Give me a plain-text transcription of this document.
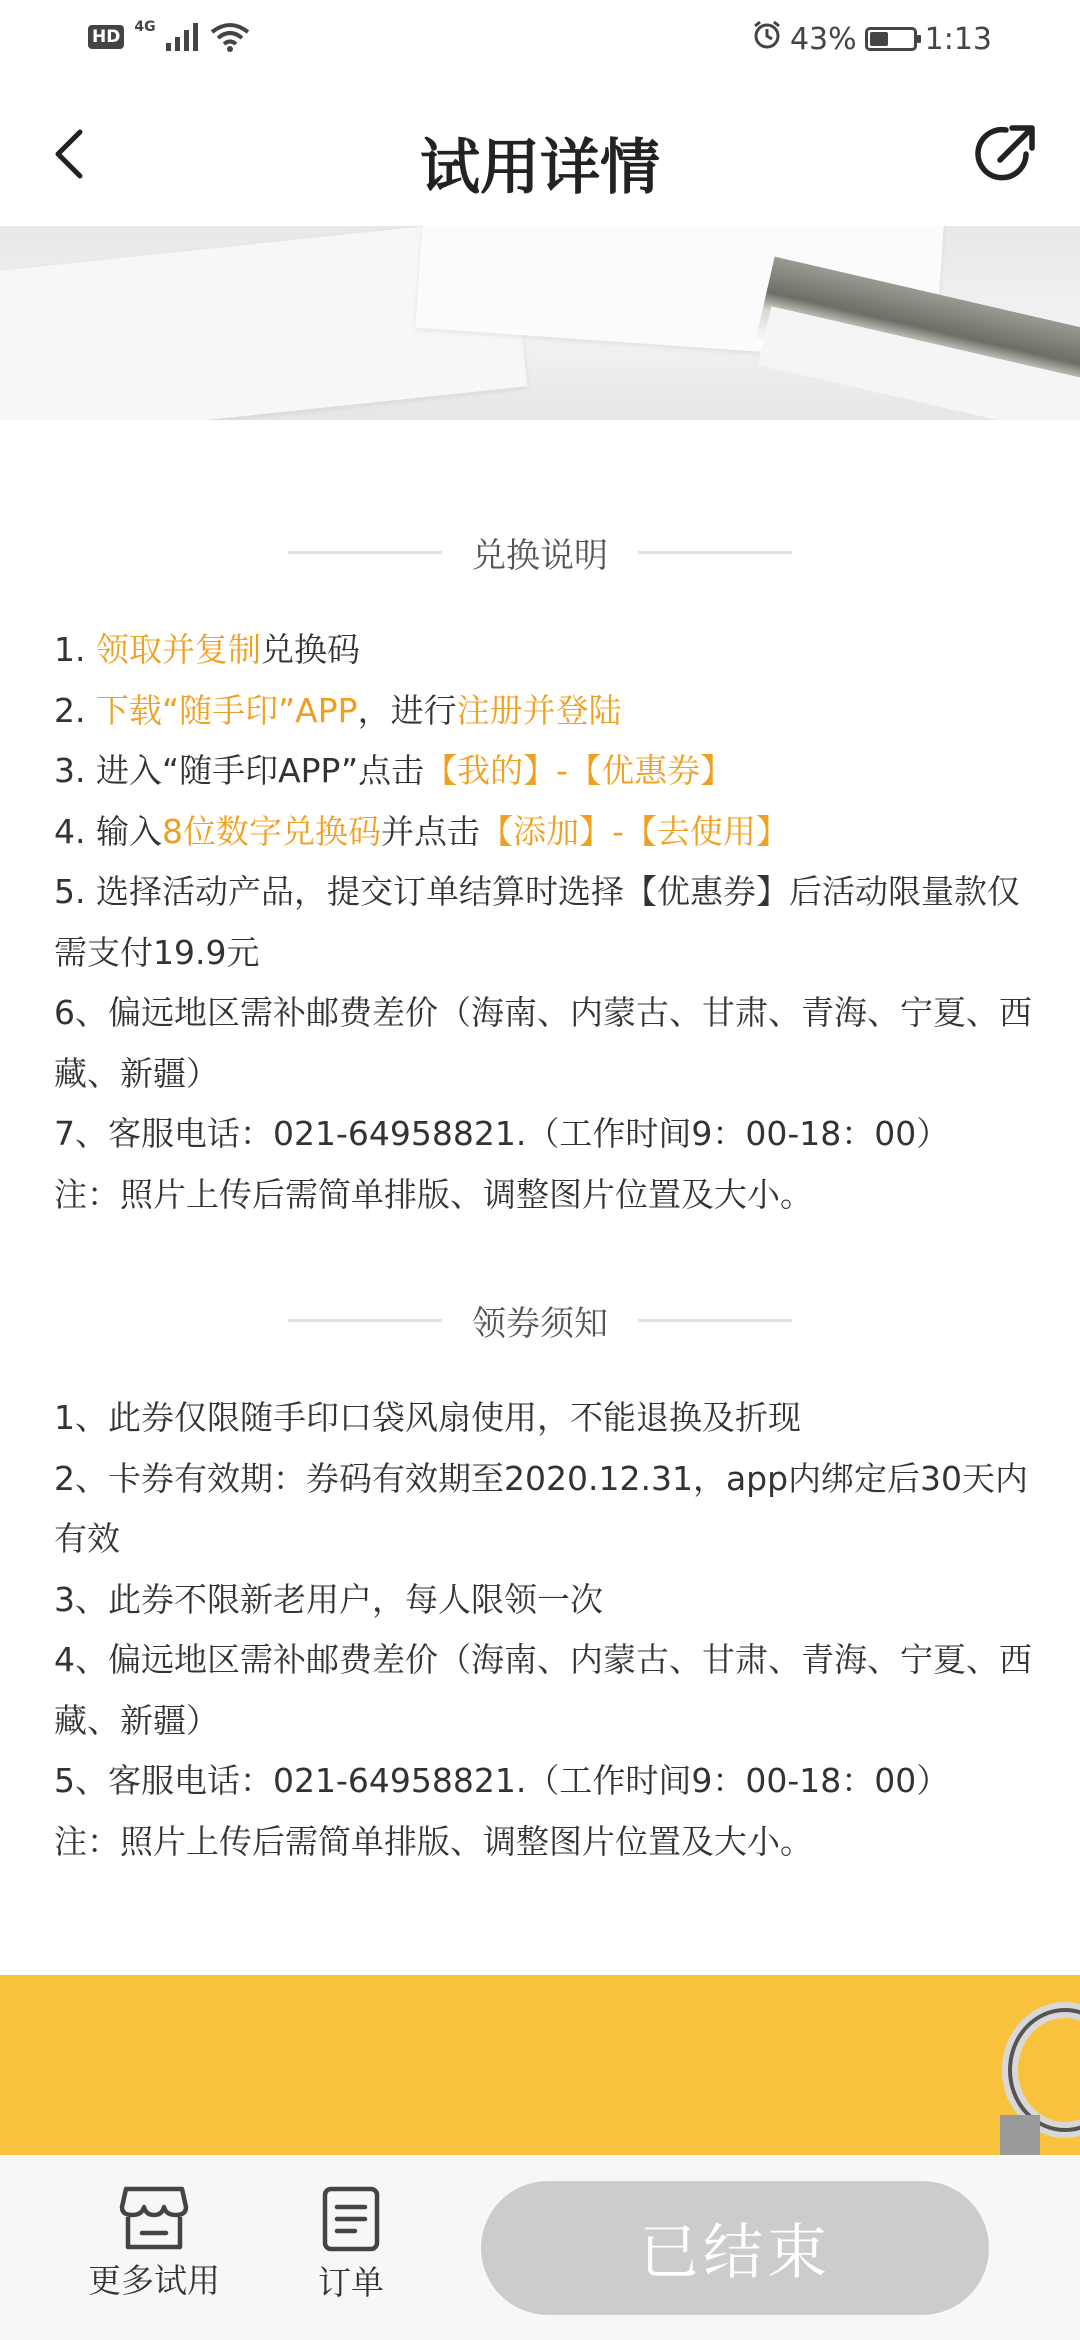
HD 4G	43% 1:13
试用详情
兑换说明
1. 领取并复制兑换码
2. 下载“随手印”APP，进行注册并登陆
3. 进入“随手印APP”点击【我的】-【优惠券】
4. 输入8位数字兑换码并点击【添加】-【去使用】
5. 选择活动产品，提交订单结算时选择【优惠券】后活动限量款仅需支付19.9元
6、偏远地区需补邮费差价（海南、内蒙古、甘肃、青海、宁夏、西藏、新疆）
7、客服电话：021-64958821.（工作时间9：00-18：00）
注：照片上传后需简单排版、调整图片位置及大小。
领券须知
1、此券仅限随手印口袋风扇使用，不能退换及折现
2、卡券有效期：券码有效期至2020.12.31，app内绑定后30天内有效
3、此券不限新老用户，每人限领一次
4、偏远地区需补邮费差价（海南、内蒙古、甘肃、青海、宁夏、西藏、新疆）
5、客服电话：021-64958821.（工作时间9：00-18：00）
注：照片上传后需简单排版、调整图片位置及大小。
更多试用	订单	已结束
